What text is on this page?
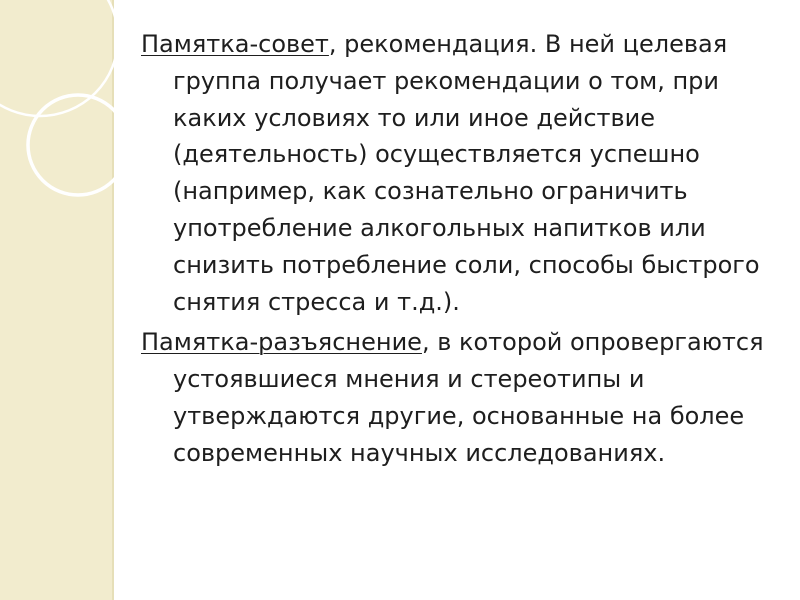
Памятка-совет, рекомендация. В ней целевая группа получает рекомендации о том, при каких условиях то или иное действие (деятельность) осуществляется успешно (например, как сознательно ограничить употребление алкогольных напитков или снизить потребление соли, способы быстрого снятия стресса и т.д.).

Памятка-разъяснение, в которой опровергаются устоявшиеся мнения и стереотипы и утверждаются другие, основанные на более современных научных исследованиях.
